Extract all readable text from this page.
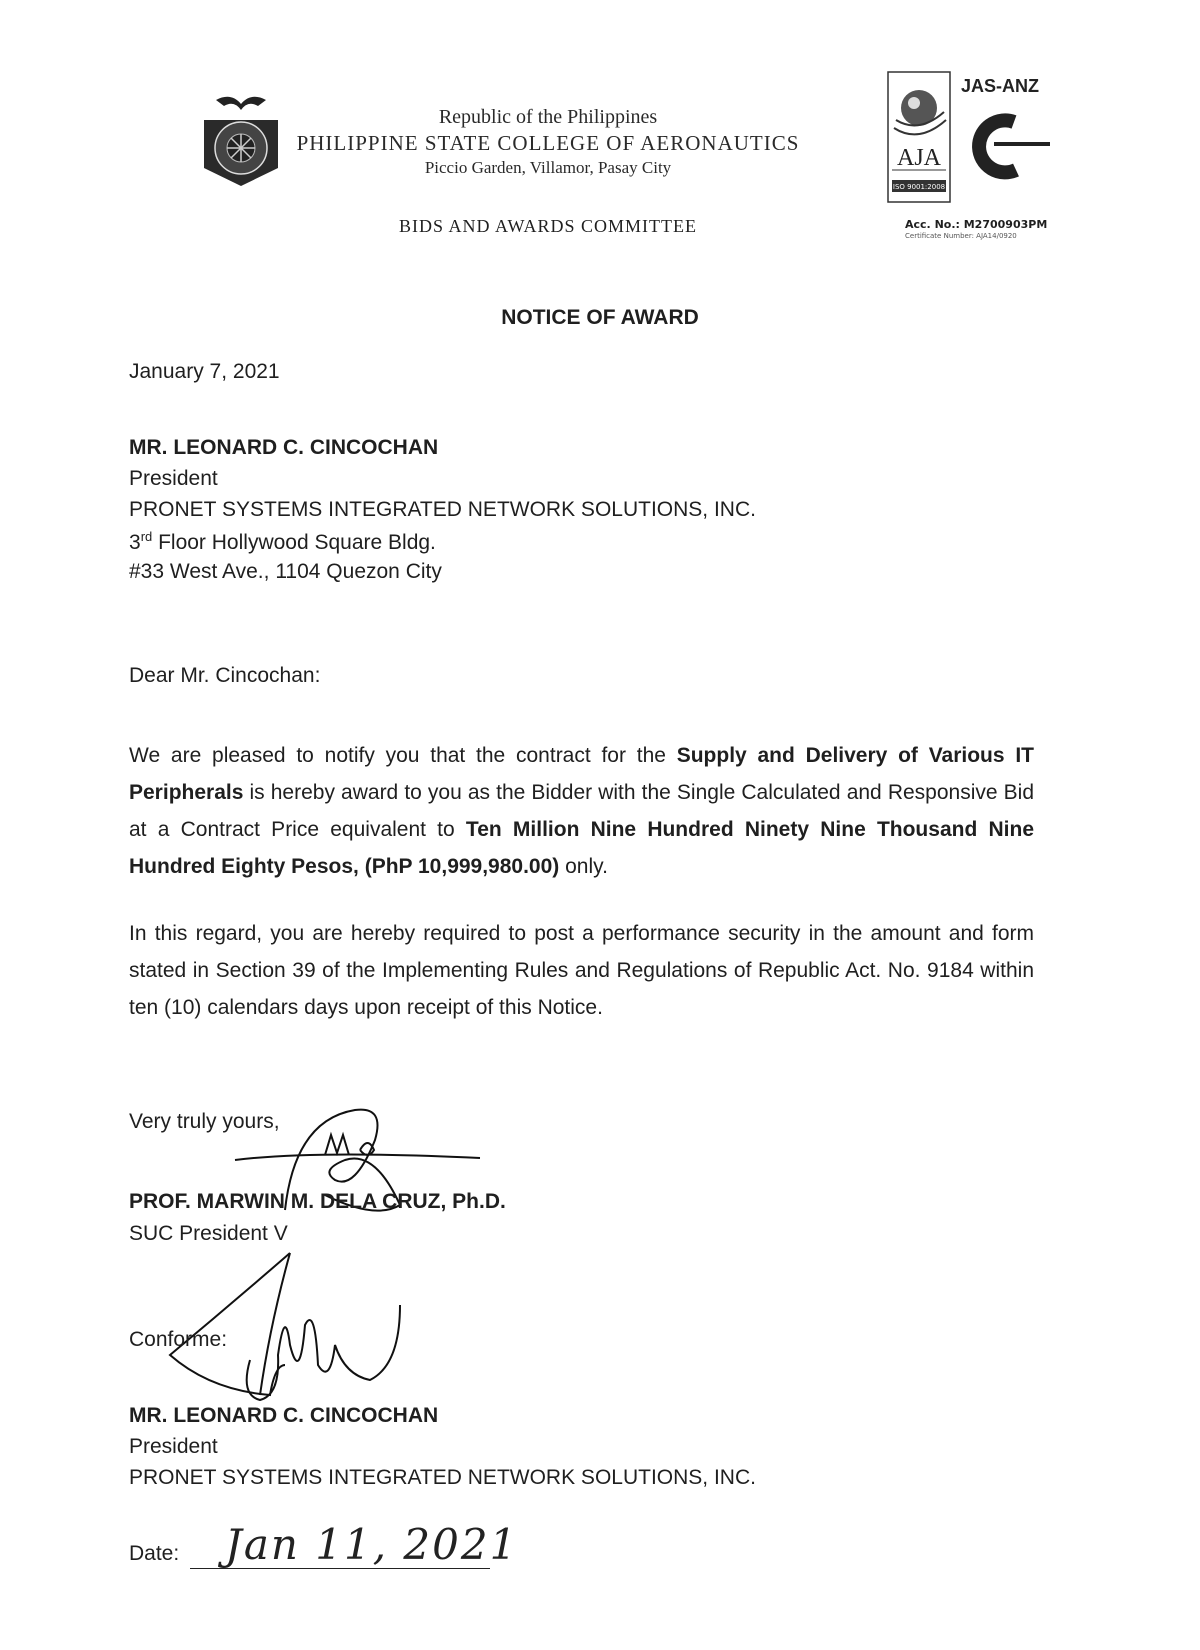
Republic of the Philippines
PHILIPPINE STATE COLLEGE OF AERONAUTICS
Piccio Garden, Villamor, Pasay City
BIDS AND AWARDS COMMITTEE
ISO 9001:2008
AJA
JAS-ANZ
Acc. No.: M2700903PM
Certificate Number: AJA14/0920
NOTICE OF AWARD
January 7, 2021
MR. LEONARD C. CINCOCHAN
President
PRONET SYSTEMS INTEGRATED NETWORK SOLUTIONS, INC.
3rd Floor Hollywood Square Bldg.
#33 West Ave., 1104 Quezon City
Dear Mr. Cincochan:
We are pleased to notify you that the contract for the Supply and Delivery of Various IT Peripherals is hereby award to you as the Bidder with the Single Calculated and Responsive Bid at a Contract Price equivalent to Ten Million Nine Hundred Ninety Nine Thousand Nine Hundred Eighty Pesos, (PhP 10,999,980.00) only.
In this regard, you are hereby required to post a performance security in the amount and form stated in Section 39 of the Implementing Rules and Regulations of Republic Act. No. 9184 within ten (10) calendars days upon receipt of this Notice.
Very truly yours,
PROF. MARWIN M. DELA CRUZ, Ph.D.
SUC President V
Conforme:
MR. LEONARD C. CINCOCHAN
President
PRONET SYSTEMS INTEGRATED NETWORK SOLUTIONS, INC.
Date: Jan 11, 2021
